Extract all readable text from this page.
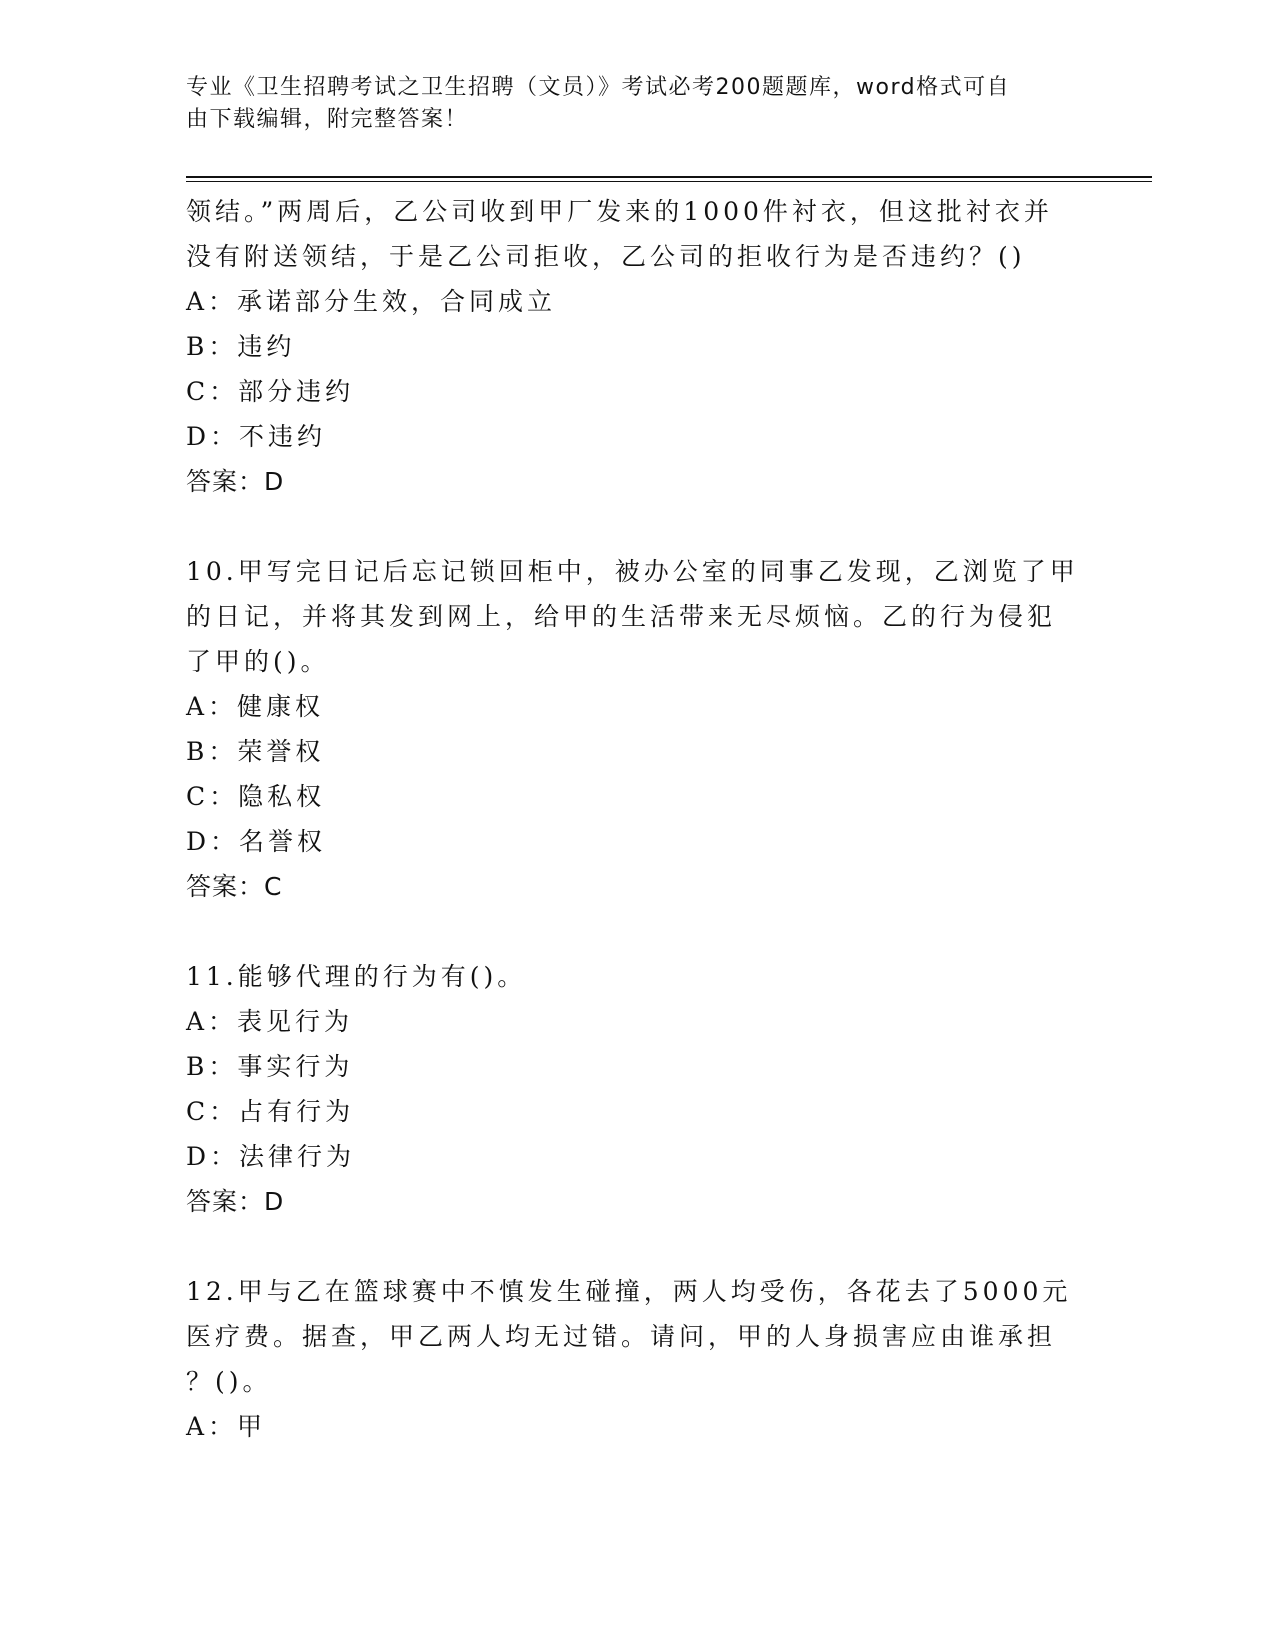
专业《卫生招聘考试之卫生招聘（文员）》考试必考200题题库，word格式可自
由下载编辑，附完整答案！
领结。”两周后，乙公司收到甲厂发来的1000件衬衣，但这批衬衣并
没有附送领结，于是乙公司拒收，乙公司的拒收行为是否违约？()
A：承诺部分生效，合同成立
B：违约
C：部分违约
D：不违约
答案：D
10.甲写完日记后忘记锁回柜中，被办公室的同事乙发现，乙浏览了甲
的日记，并将其发到网上，给甲的生活带来无尽烦恼。乙的行为侵犯
了甲的()。
A：健康权
B：荣誉权
C：隐私权
D：名誉权
答案：C
11.能够代理的行为有()。
A：表见行为
B：事实行为
C：占有行为
D：法律行为
答案：D
12.甲与乙在篮球赛中不慎发生碰撞，两人均受伤，各花去了5000元
医疗费。据查，甲乙两人均无过错。请问，甲的人身损害应由谁承担
？()。
A：甲
